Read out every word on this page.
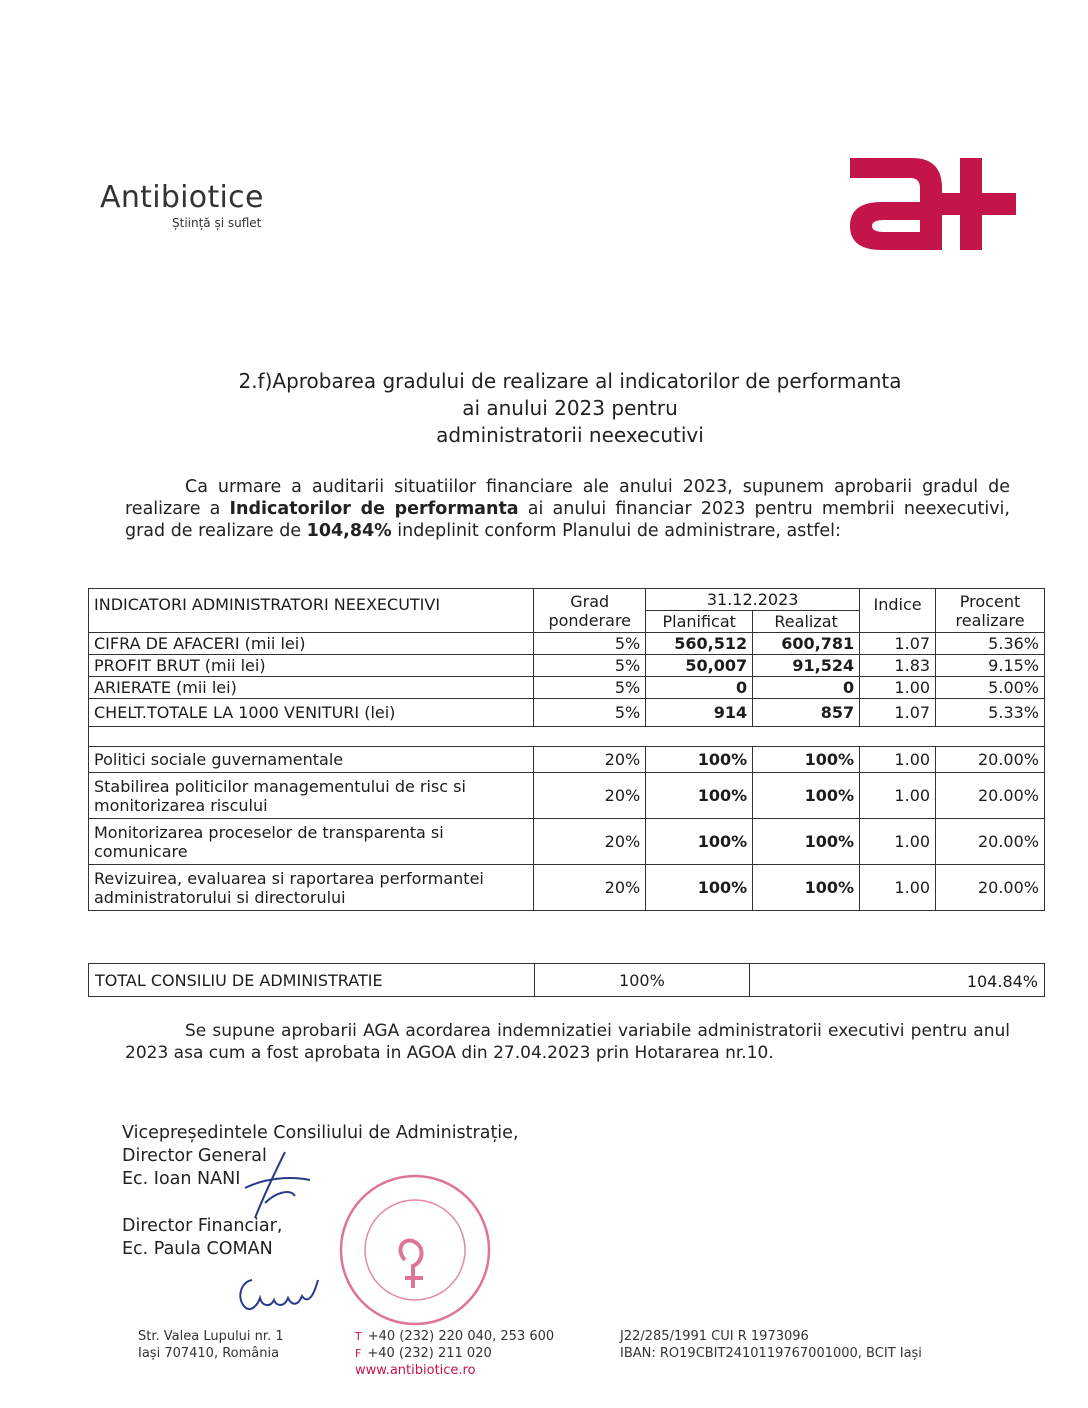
Antibiotice
Știință și suflet
2.f)Aprobarea gradului de realizare al indicatorilor de performanta
ai anului 2023 pentru
administratorii neexecutivi
Ca urmare a auditarii situatiilor financiare ale anului 2023, supunem aprobarii gradul de realizare a Indicatorilor de performanta ai anului financiar 2023 pentru membrii neexecutivi, grad de realizare de 104,84% indeplinit conform Planului de administrare, astfel:
INDICATORI ADMINISTRATORI NEEXECUTIVI	Grad ponderare	31.12.2023		Indice	Procent realizare
		Planificat	Realizat		
CIFRA DE AFACERI (mii lei)	5%	560,512	600,781	1.07	5.36%
PROFIT BRUT (mii lei)	5%	50,007	91,524	1.83	9.15%
ARIERATE (mii lei)	5%	0	0	1.00	5.00%
CHELT.TOTALE LA 1000 VENITURI (lei)	5%	914	857	1.07	5.33%

Politici sociale guvernamentale	20%	100%	100%	1.00	20.00%
Stabilirea politicilor managementului de risc si monitorizarea riscului	20%	100%	100%	1.00	20.00%
Monitorizarea proceselor de transparenta si comunicare	20%	100%	100%	1.00	20.00%
Revizuirea, evaluarea si raportarea performantei administratorului si directorului	20%	100%	100%	1.00	20.00%
TOTAL CONSILIU DE ADMINISTRATIE	100%	104.84%
Se supune aprobarii AGA acordarea indemnizatiei variabile administratorii executivi pentru anul 2023 asa cum a fost aprobata in AGOA din 27.04.2023 prin Hotararea nr.10.
Vicepreședintele Consiliului de Administrație,
Director General
Ec. Ioan NANI
Director Financiar,
Ec. Paula COMAN
Str. Valea Lupului nr. 1
Iași 707410, România
T +40 (232) 220 040, 253 600
F +40 (232) 211 020
www.antibiotice.ro
J22/285/1991 CUI R 1973096
IBAN: RO19CBIT2410119767001000, BCIT Iași
